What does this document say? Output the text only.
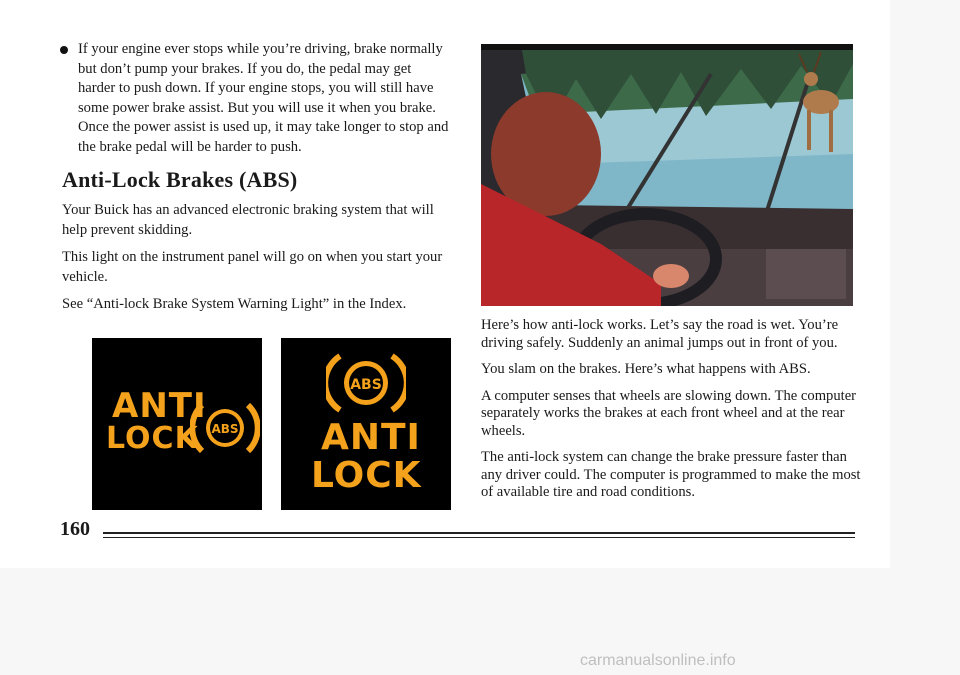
If your engine ever stops while you’re driving, brake normally but don’t pump your brakes. If you do, the pedal may get harder to push down. If your engine stops, you will still have some power brake assist. But you will use it when you brake. Once the power assist is used up, it may take longer to stop and the brake pedal will be harder to push.
Anti-Lock Brakes (ABS)

Your Buick has an advanced electronic braking system that will help prevent skidding.

This light on the instrument panel will go on when you start your vehicle.

See “Anti-lock Brake System Warning Light” in the Index.

ANTI
LOCK ABS
ABS
ANTI
LOCK

Here’s how anti-lock works. Let’s say the road is wet. You’re driving safely. Suddenly an animal jumps out in front of you.

You slam on the brakes. Here’s what happens with ABS.

A computer senses that wheels are slowing down. The computer separately works the brakes at each front wheel and at the rear wheels.

The anti-lock system can change the brake pressure faster than any driver could. The computer is programmed to make the most of available tire and road conditions.

160
carmanualsonline.info
